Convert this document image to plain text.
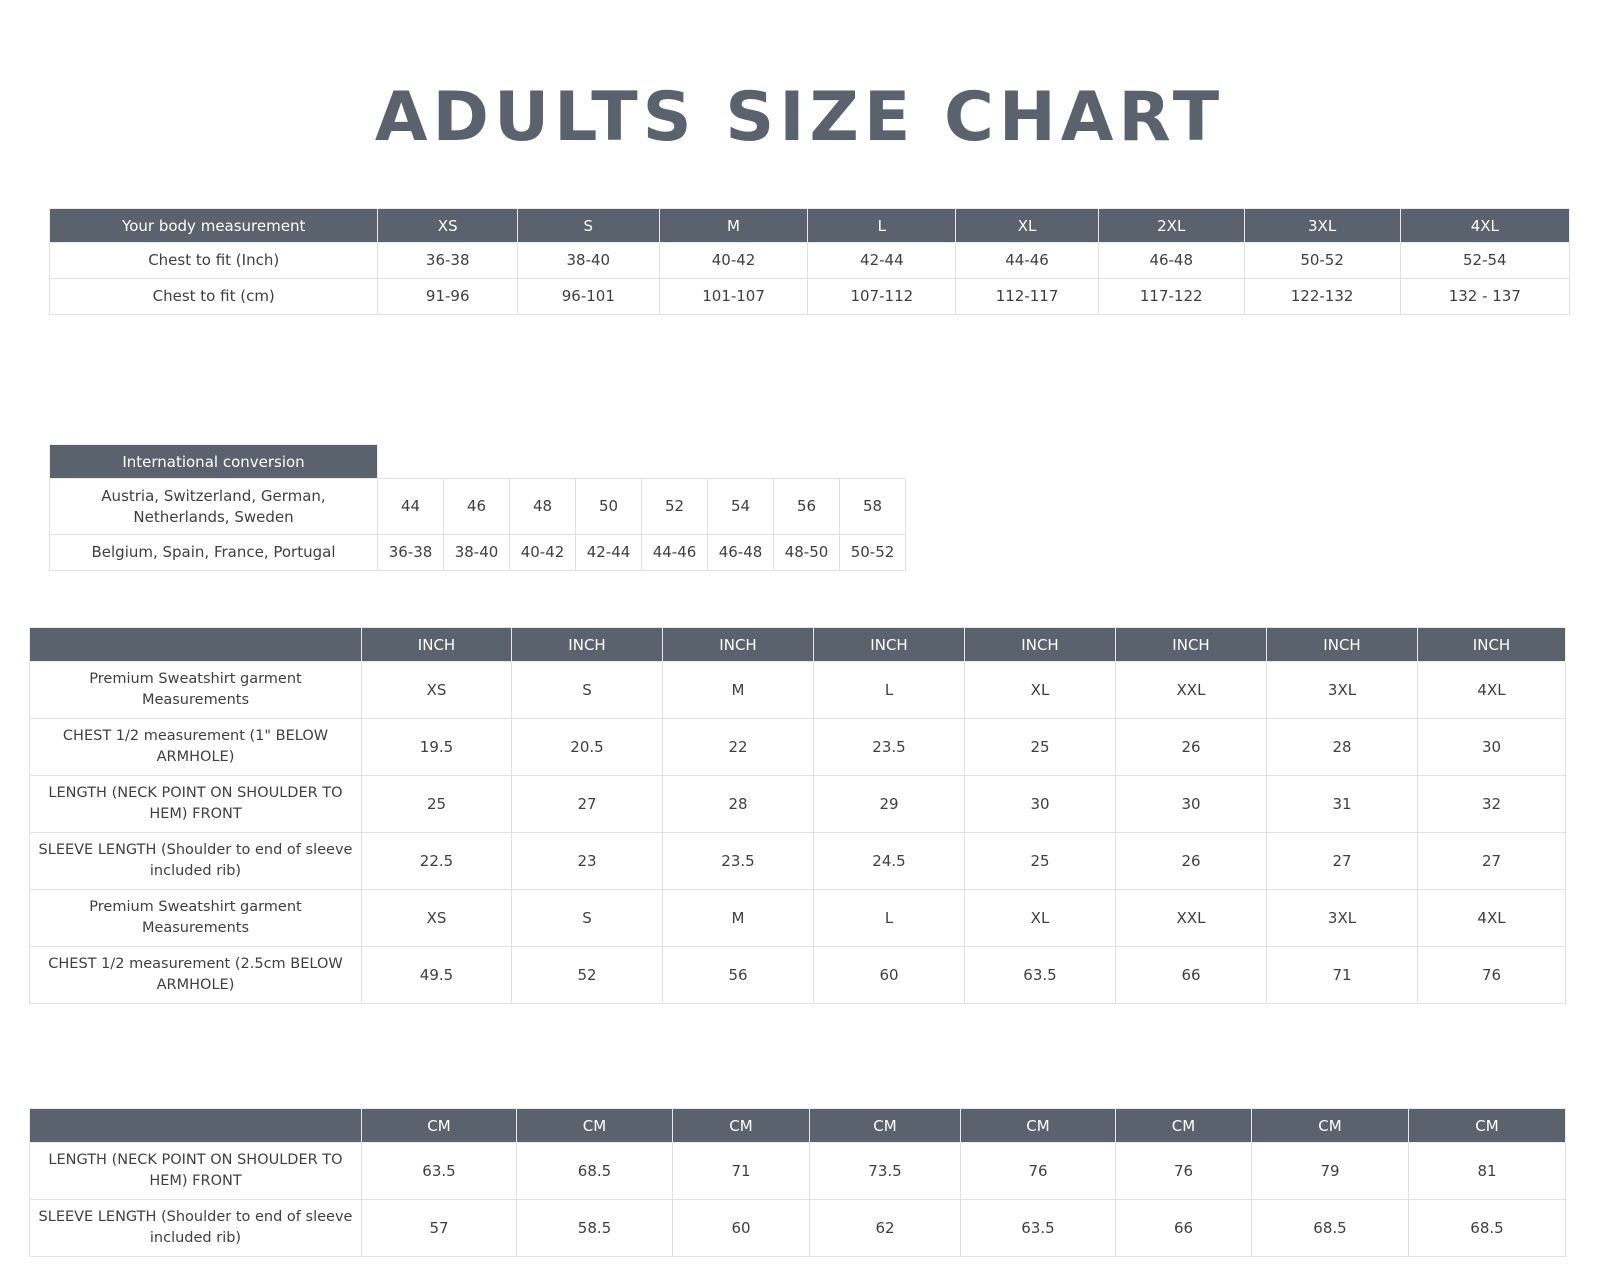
ADULTS SIZE CHART
Your body measurement	XS	S	M	L	XL	2XL	3XL	4XL
Chest to fit (Inch)	36-38	38-40	40-42	42-44	44-46	46-48	50-52	52-54
Chest to fit (cm)	91-96	96-101	101-107	107-112	112-117	117-122	122-132	132 - 137
International conversion								
Austria, Switzerland, German, Netherlands, Sweden	44	46	48	50	52	54	56	58
Belgium, Spain, France, Portugal	36-38	38-40	40-42	42-44	44-46	46-48	48-50	50-52
	INCH	INCH	INCH	INCH	INCH	INCH	INCH	INCH
Premium Sweatshirt garment Measurements	XS	S	M	L	XL	XXL	3XL	4XL
CHEST 1/2 measurement (1" BELOW ARMHOLE)	19.5	20.5	22	23.5	25	26	28	30
LENGTH (NECK POINT ON SHOULDER TO HEM) FRONT	25	27	28	29	30	30	31	32
SLEEVE LENGTH (Shoulder to end of sleeve included rib)	22.5	23	23.5	24.5	25	26	27	27
Premium Sweatshirt garment Measurements	XS	S	M	L	XL	XXL	3XL	4XL
CHEST 1/2 measurement (2.5cm BELOW ARMHOLE)	49.5	52	56	60	63.5	66	71	76
	CM	CM	CM	CM	CM	CM	CM	CM
LENGTH (NECK POINT ON SHOULDER TO HEM) FRONT	63.5	68.5	71	73.5	76	76	79	81
SLEEVE LENGTH (Shoulder to end of sleeve included rib)	57	58.5	60	62	63.5	66	68.5	68.5
